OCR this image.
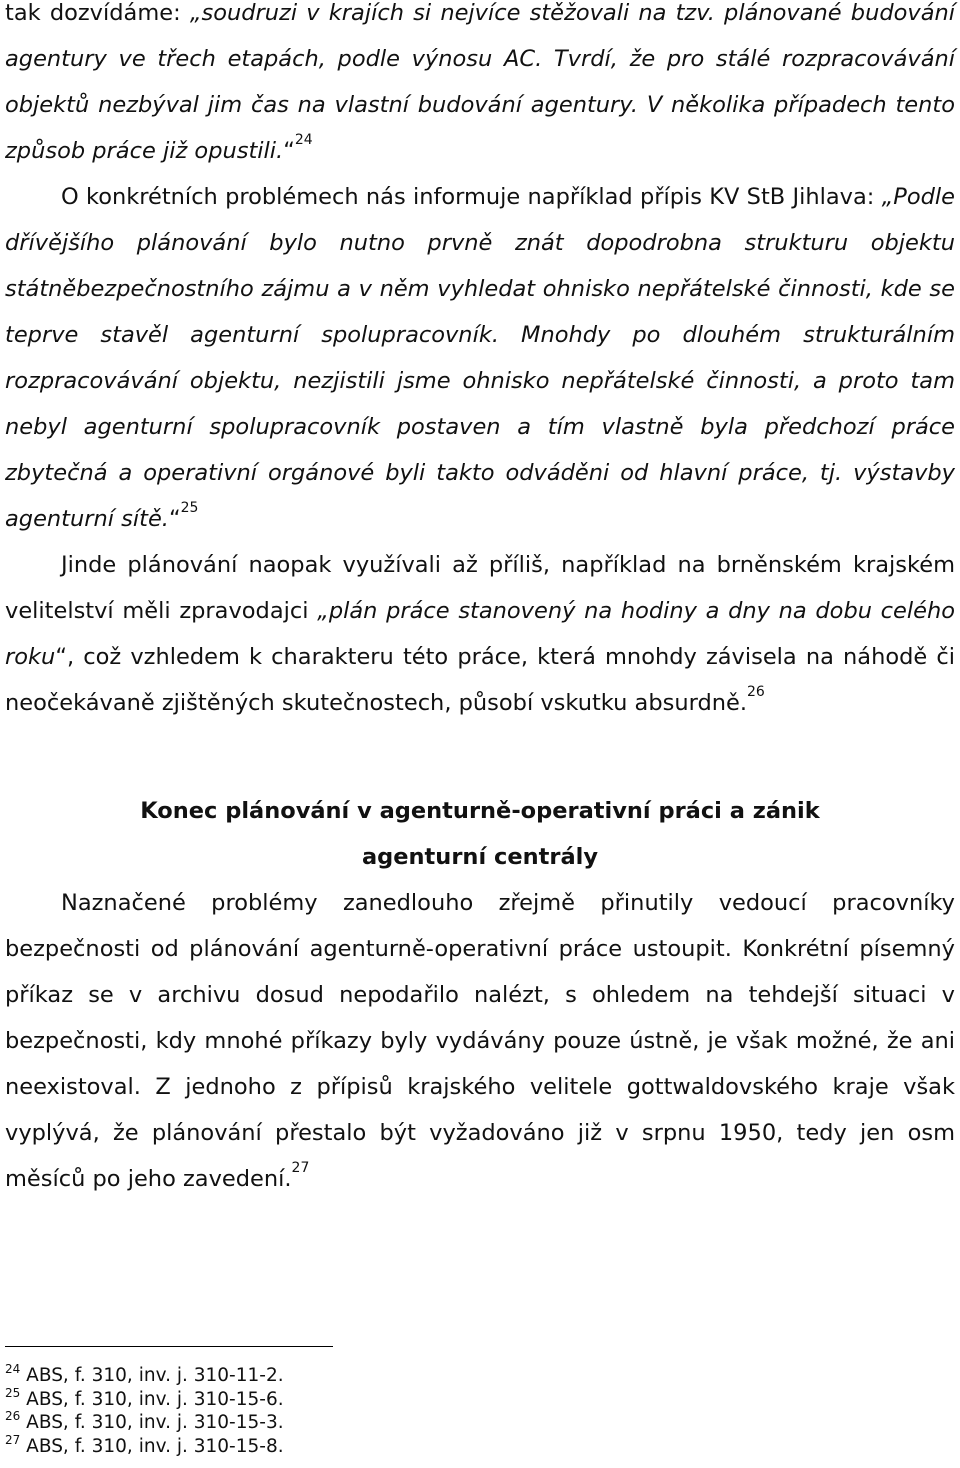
tak dozvídáme: „soudruzi v krajích si nejvíce stěžovali na tzv. plánované budování agentury ve třech etapách, podle výnosu AC. Tvrdí, že pro stálé rozpracovávání objektů nezbýval jim čas na vlastní budování agentury. V několika případech tento způsob práce již opustili.“$^{24}$

O konkrétních problémech nás informuje například přípis KV StB Jihlava: „Podle dřívějšího plánování bylo nutno prvně znát dopodrobna strukturu objektu státněbezpečnostního zájmu a v něm vyhledat ohnisko nepřátelské činnosti, kde se teprve stavěl agenturní spolupracovník. Mnohdy po dlouhém strukturálním rozpracovávání objektu, nezjistili jsme ohnisko nepřátelské činnosti, a proto tam nebyl agenturní spolupracovník postaven a tím vlastně byla předchozí práce zbytečná a operativní orgánové byli takto odváděni od hlavní práce, tj. výstavby agenturní sítě.“$^{25}$

Jinde plánování naopak využívali až příliš, například na brněnském krajském velitelství měli zpravodajci „plán práce stanovený na hodiny a dny na dobu celého roku“, což vzhledem k charakteru této práce, která mnohdy závisela na náhodě či neočekávaně zjištěných skutečnostech, působí vskutku absurdně.$^{26}$

Konec plánování v agenturně-operativní práci a zánik
agenturní centrály

Naznačené problémy zanedlouho zřejmě přinutily vedoucí pracovníky bezpečnosti od plánování agenturně-operativní práce ustoupit. Konkrétní písemný příkaz se v archivu dosud nepodařilo nalézt, s ohledem na tehdejší situaci v bezpečnosti, kdy mnohé příkazy byly vydávány pouze ústně, je však možné, že ani neexistoval. Z jednoho z přípisů krajského velitele gottwaldovského kraje však vyplývá, že plánování přestalo být vyžadováno již v srpnu 1950, tedy jen osm měsíců po jeho zavedení.$^{27}$

$^{24}$ ABS, f. 310, inv. j. 310-11-2.

$^{25}$ ABS, f. 310, inv. j. 310-15-6.

$^{26}$ ABS, f. 310, inv. j. 310-15-3.

$^{27}$ ABS, f. 310, inv. j. 310-15-8.
